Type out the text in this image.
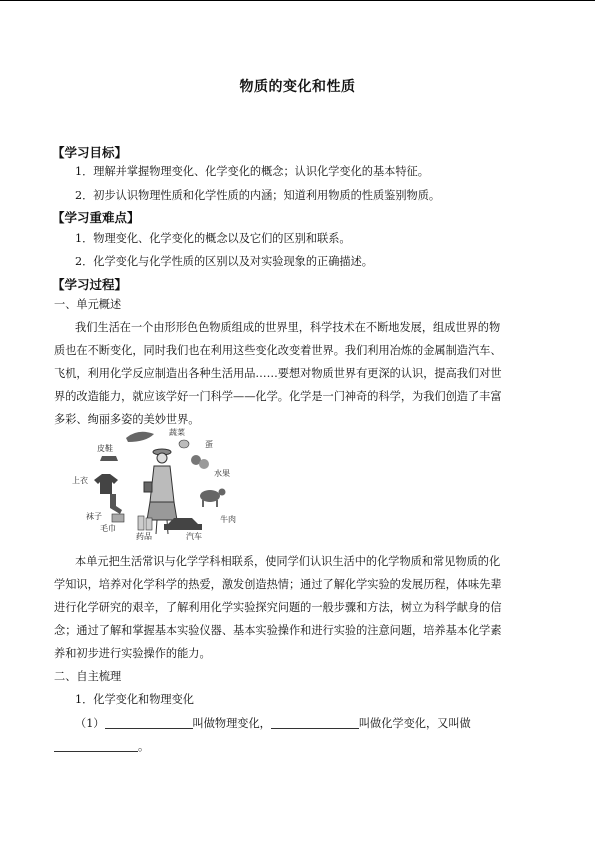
物质的变化和性质
【学习目标】
1．理解并掌握物理变化、化学变化的概念；认识化学变化的基本特征。
2．初步认识物理性质和化学性质的内涵；知道利用物质的性质鉴别物质。
【学习重难点】
1．物理变化、化学变化的概念以及它们的区别和联系。
2．化学变化与化学性质的区别以及对实验现象的正确描述。
【学习过程】
一、单元概述
我们生活在一个由形形色色物质组成的世界里，科学技术在不断地发展，组成世界的物
质也在不断变化，同时我们也在利用这些变化改变着世界。我们利用冶炼的金属制造汽车、
飞机，利用化学反应制造出各种生活用品……要想对物质世界有更深的认识，提高我们对世
界的改造能力，就应该学好一门科学——化学。化学是一门神奇的科学，为我们创造了丰富
多彩、绚丽多姿的美妙世界。
皮鞋
蔬菜
蛋
水果
上衣
袜子
毛巾
药品	汽车
牛肉
本单元把生活常识与化学学科相联系，使同学们认识生活中的化学物质和常见物质的化
学知识，培养对化学科学的热爱，激发创造热情；通过了解化学实验的发展历程，体味先辈
进行化学研究的艰辛，了解利用化学实验探究问题的一般步骤和方法，树立为科学献身的信
念；通过了解和掌握基本实验仪器、基本实验操作和进行实验的注意问题，培养基本化学素
养和初步进行实验操作的能力。
二、自主梳理
1．化学变化和物理变化
（1）	叫做物理变化，	叫做化学变化，又叫做
。
